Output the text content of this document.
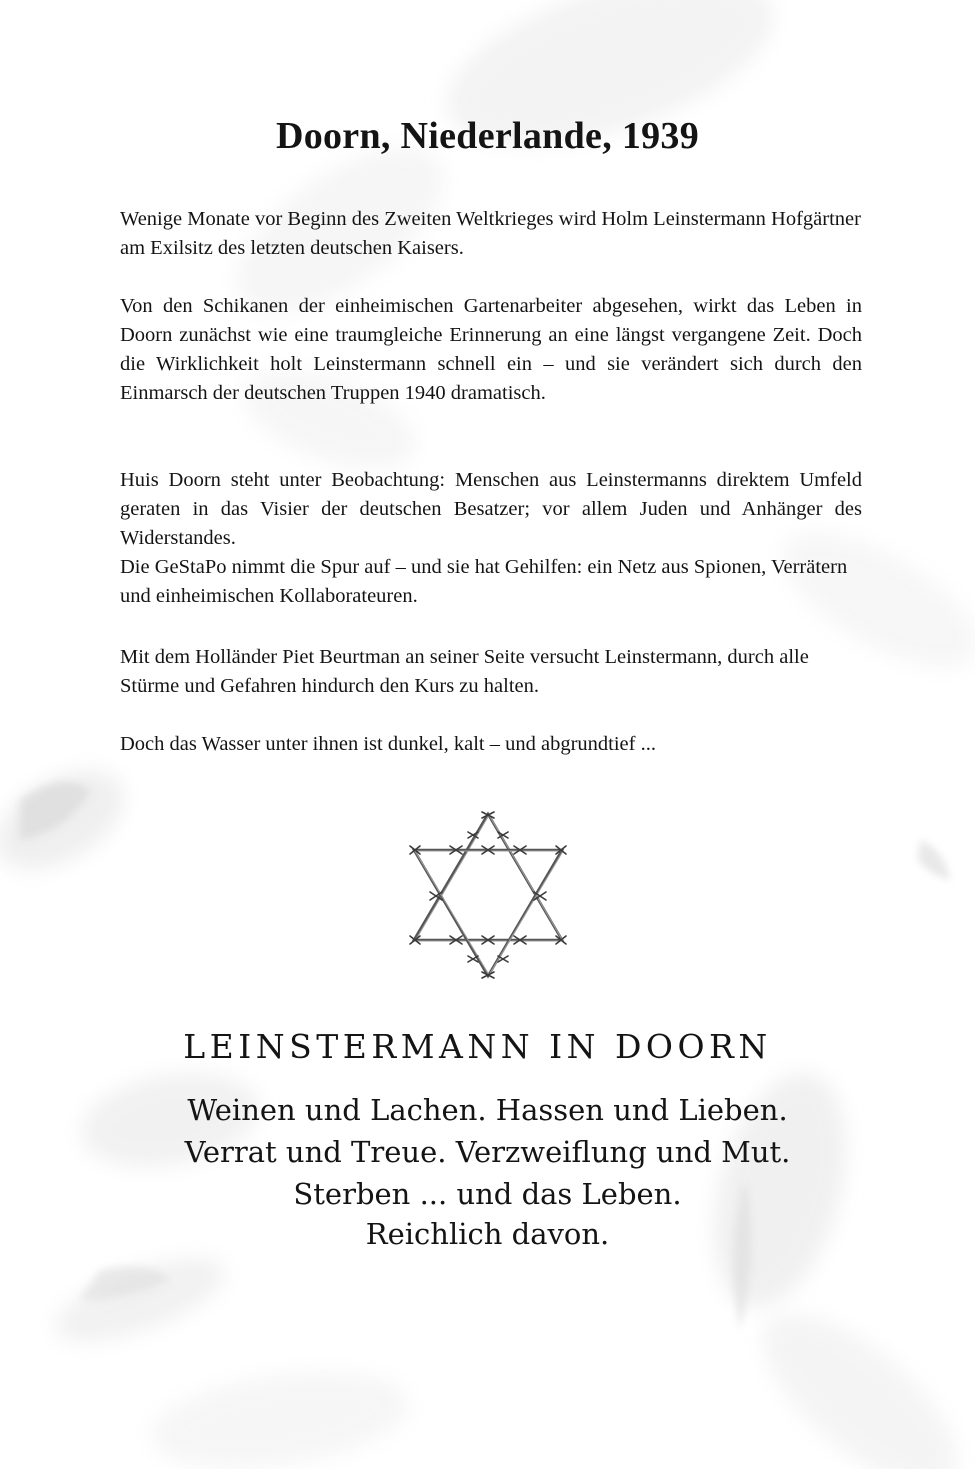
Doorn, Niederlande, 1939

Wenige Monate vor Beginn des Zweiten Weltkrieges wird Holm Leinstermann Hofgärtner am Exilsitz des letzten deutschen Kaisers.

Von den Schikanen der einheimischen Gartenarbeiter abgesehen, wirkt das Leben in Doorn zunächst wie eine traumgleiche Erinnerung an eine längst vergangene Zeit. Doch die Wirklichkeit holt Leinstermann schnell ein – und sie verändert sich durch den Einmarsch der deutschen Truppen 1940 dramatisch.

Huis Doorn steht unter Beobachtung: Menschen aus Leinstermanns direktem Umfeld geraten in das Visier der deutschen Besatzer; vor allem Juden und Anhänger des Widerstandes.

Die GeStaPo nimmt die Spur auf – und sie hat Gehilfen: ein Netz aus Spionen, Verrätern und einheimischen Kollaborateuren.

Mit dem Holländer Piet Beurtman an seiner Seite versucht Leinstermann, durch alle Stürme und Gefahren hindurch den Kurs zu halten.

Doch das Wasser unter ihnen ist dunkel, kalt – und abgrundtief ...

LEINSTERMANN IN DOORN

Weinen und Lachen. Hassen und Lieben.

Verrat und Treue. Verzweiflung und Mut.

Sterben ... und das Leben.

Reichlich davon.
